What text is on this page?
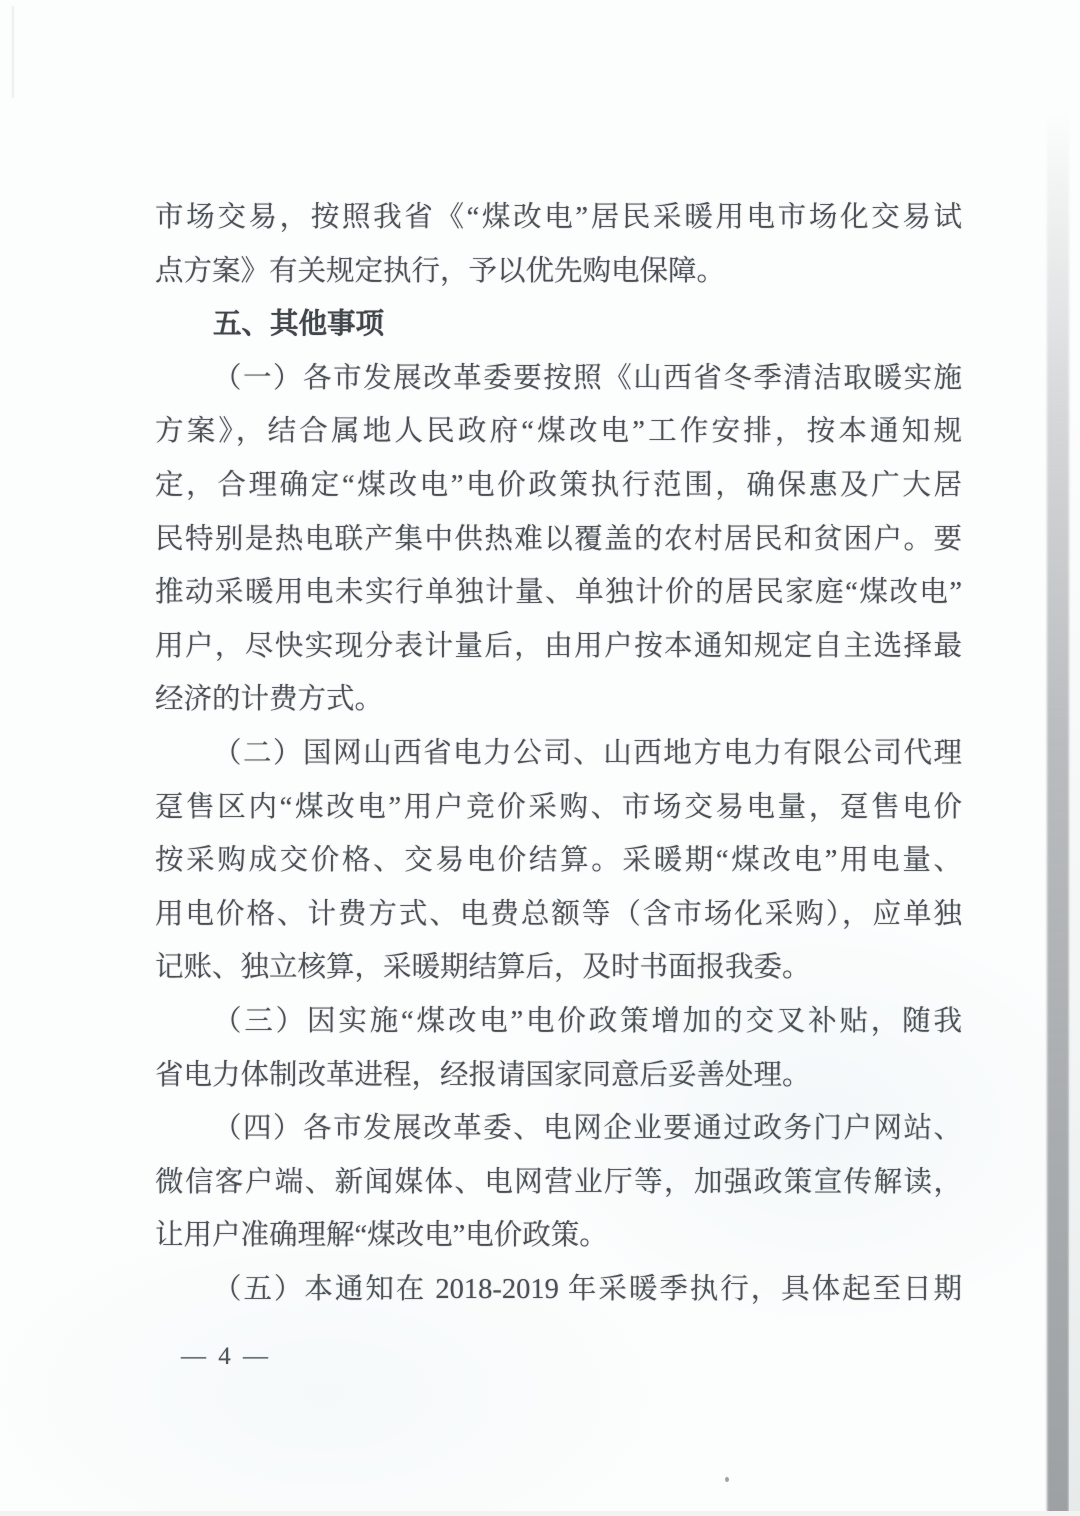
市场交易，按照我省《“煤改电”居民采暖用电市场化交易试
点方案》有关规定执行，予以优先购电保障。
五、其他事项
（一）各市发展改革委要按照《山西省冬季清洁取暖实施
方案》，结合属地人民政府“煤改电”工作安排，按本通知规
定，合理确定“煤改电”电价政策执行范围，确保惠及广大居
民特别是热电联产集中供热难以覆盖的农村居民和贫困户。要
推动采暖用电未实行单独计量、单独计价的居民家庭“煤改电”
用户，尽快实现分表计量后，由用户按本通知规定自主选择最
经济的计费方式。
（二）国网山西省电力公司、山西地方电力有限公司代理
趸售区内“煤改电”用户竞价采购、市场交易电量，趸售电价
按采购成交价格、交易电价结算。采暖期“煤改电”用电量、
用电价格、计费方式、电费总额等（含市场化采购），应单独
记账、独立核算，采暖期结算后，及时书面报我委。
（三）因实施“煤改电”电价政策增加的交叉补贴，随我
省电力体制改革进程，经报请国家同意后妥善处理。
（四）各市发展改革委、电网企业要通过政务门户网站、
微信客户端、新闻媒体、电网营业厅等，加强政策宣传解读，
让用户准确理解“煤改电”电价政策。
（五）本通知在 2018-2019 年采暖季执行，具体起至日期
— 4 —
